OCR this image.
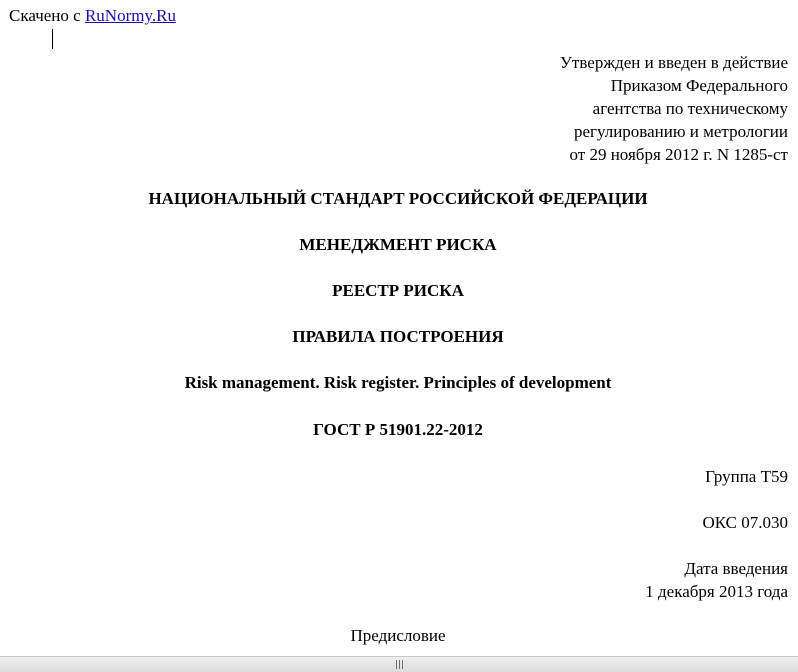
Скачено с RuNormy.Ru
Утвержден и введен в действие
Приказом Федерального
агентства по техническому
регулированию и метрологии
от 29 ноября 2012 г. N 1285-ст
НАЦИОНАЛЬНЫЙ СТАНДАРТ РОССИЙСКОЙ ФЕДЕРАЦИИ
МЕНЕДЖМЕНТ РИСКА
РЕЕСТР РИСКА
ПРАВИЛА ПОСТРОЕНИЯ
Risk management. Risk register. Principles of development
ГОСТ Р 51901.22-2012
Группа Т59
ОКС 07.030
Дата введения
1 декабря 2013 года
Предисловие
